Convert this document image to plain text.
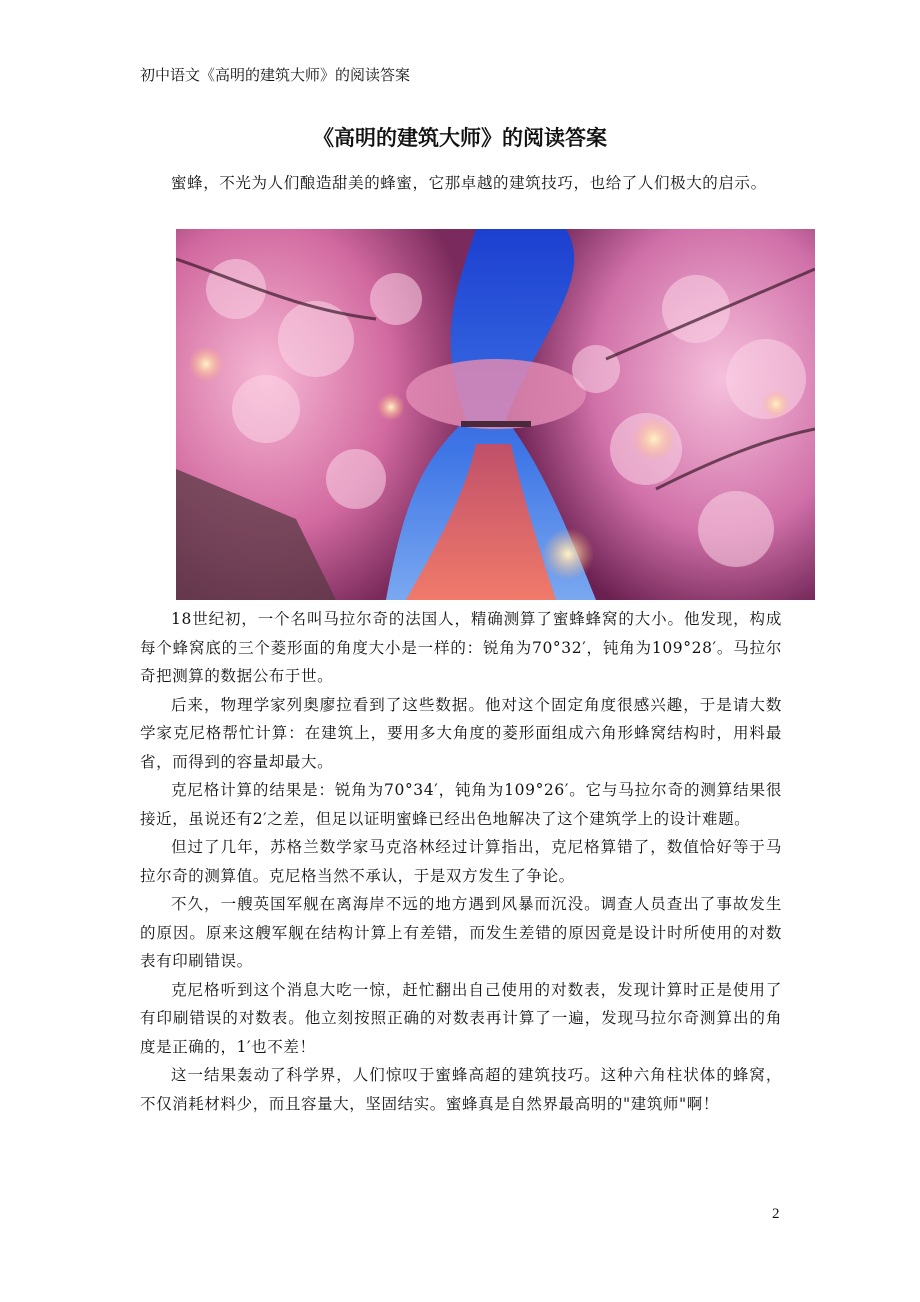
初中语文《高明的建筑大师》的阅读答案
《高明的建筑大师》的阅读答案

蜜蜂，不光为人们酿造甜美的蜂蜜，它那卓越的建筑技巧，也给了人们极大的启示。

18世纪初，一个名叫马拉尔奇的法国人，精确测算了蜜蜂蜂窝的大小。他发现，构成每个蜂窝底的三个菱形面的角度大小是一样的：锐角为70°32′，钝角为109°28′。马拉尔奇把测算的数据公布于世。

后来，物理学家列奥廖拉看到了这些数据。他对这个固定角度很感兴趣，于是请大数学家克尼格帮忙计算：在建筑上，要用多大角度的菱形面组成六角形蜂窝结构时，用料最省，而得到的容量却最大。

克尼格计算的结果是：锐角为70°34′，钝角为109°26′。它与马拉尔奇的测算结果很接近，虽说还有2′之差，但足以证明蜜蜂已经出色地解决了这个建筑学上的设计难题。

但过了几年，苏格兰数学家马克洛林经过计算指出，克尼格算错了，数值恰好等于马拉尔奇的测算值。克尼格当然不承认，于是双方发生了争论。

不久，一艘英国军舰在离海岸不远的地方遇到风暴而沉没。调查人员查出了事故发生的原因。原来这艘军舰在结构计算上有差错，而发生差错的原因竟是设计时所使用的对数表有印刷错误。

克尼格听到这个消息大吃一惊，赶忙翻出自己使用的对数表，发现计算时正是使用了有印刷错误的对数表。他立刻按照正确的对数表再计算了一遍，发现马拉尔奇测算出的角度是正确的，1′也不差！

这一结果轰动了科学界，人们惊叹于蜜蜂高超的建筑技巧。这种六角柱状体的蜂窝，不仅消耗材料少，而且容量大，坚固结实。蜜蜂真是自然界最高明的"建筑师"啊！

2
